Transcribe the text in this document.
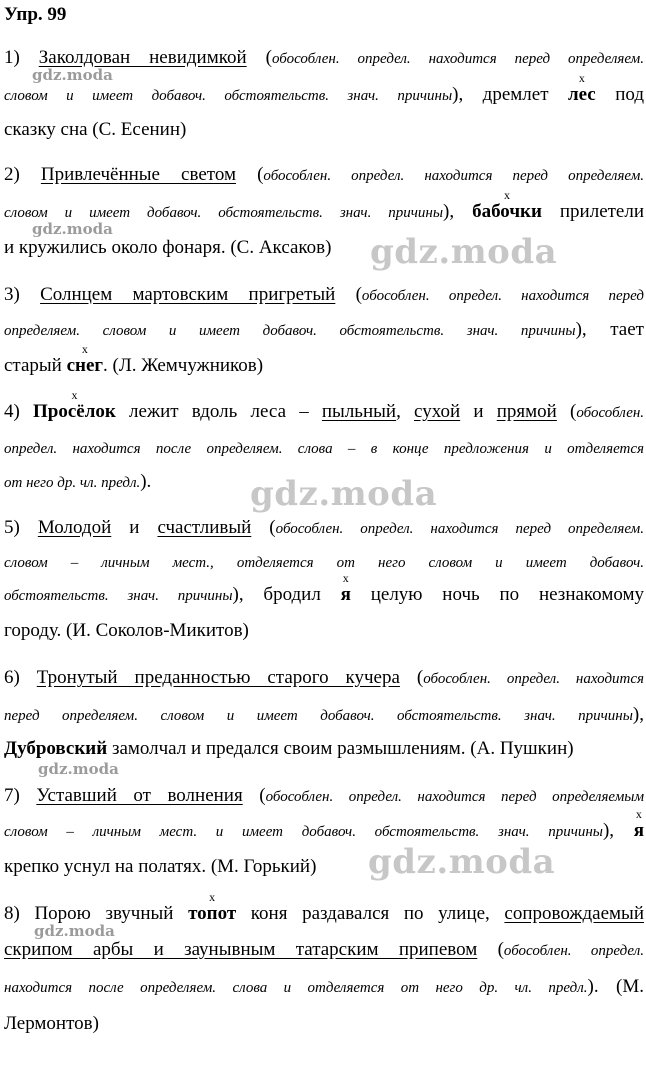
Упр. 99
1) Заколдован невидимкой (обособлен. определ. находится перед определяем.
словом и имеет добавоч. обстоятельств. знач. причины), дремлет
x
лес под
сказку сна (С. Есенин)
2) Привлечённые светом (обособлен. определ. находится перед определяем.
словом и имеет добавоч. обстоятельств. знач. причины),
x
бабочки прилетели
и кружились около фонаря. (С. Аксаков)
3) Солнцем мартовским пригретый (обособлен. определ. находится перед
определяем. словом и имеет добавоч. обстоятельств. знач. причины), тает
старый
x
снег. (Л. Жемчужников)
4)
x
Просёлок лежит вдоль леса – пыльный, сухой и прямой (обособлен.
определ. находится после определяем. слова – в конце предложения и отделяется
от него др. чл. предл.).
5) Молодой и счастливый (обособлен. определ. находится перед определяем.
словом – личным мест., отделяется от него словом и имеет добавоч.
обстоятельств. знач. причины), бродил
x
я целую ночь по незнакомому
городу. (И. Соколов-Микитов)
6) Тронутый преданностью старого кучера (обособлен. определ. находится
перед определяем. словом и имеет добавоч. обстоятельств. знач. причины),
Дубровский замолчал и предался своим размышлениям. (А. Пушкин)
7) Уставший от волнения (обособлен. определ. находится перед определяемым
словом – личным мест. и имеет добавоч. обстоятельств. знач. причины),
x
я
крепко уснул на полатях. (М. Горький)
8) Порою звучный
x
топот коня раздавался по улице, сопровождаемый
скрипом арбы и заунывным татарским припевом (обособлен. определ.
находится после определяем. слова и отделяется от него др. чл. предл.). (М.
Лермонтов)
gdz.moda
gdz.moda
gdz.moda
gdz.moda
gdz.moda
gdz.moda
gdz.moda
